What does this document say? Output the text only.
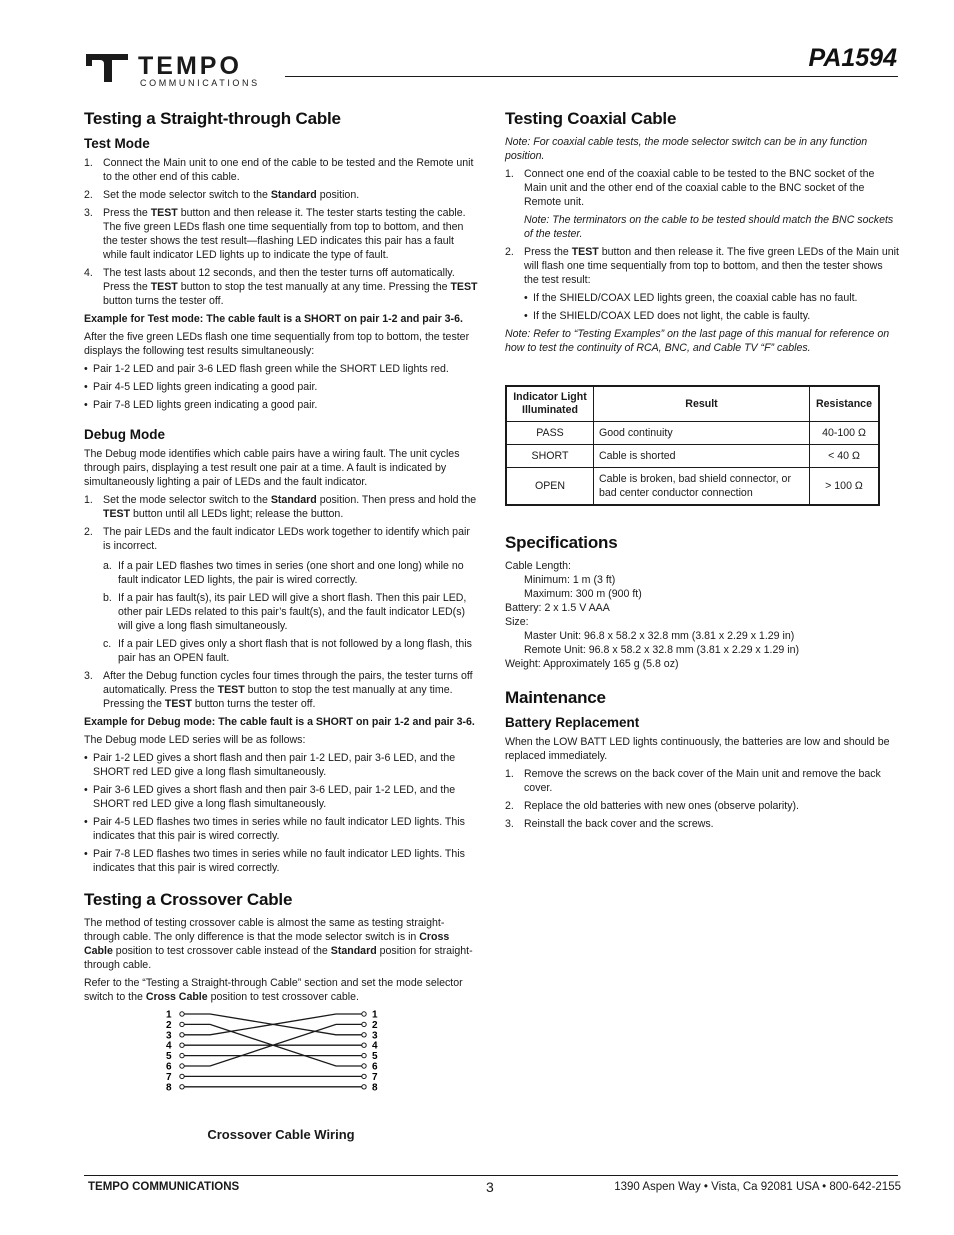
TEMPO
COMMUNICATIONS
PA1594
Testing a Straight-through Cable
Test Mode
1. Connect the Main unit to one end of the cable to be tested and the Remote unit to the other end of this cable.
2. Set the mode selector switch to the Standard position.
3. Press the TEST button and then release it. The tester starts testing the cable. The five green LEDs flash one time sequentially from top to bottom, and then the tester shows the test result—flashing LED indicates this pair has a fault while fault indicator LED lights up to indicate the type of fault.
4. The test lasts about 12 seconds, and then the tester turns off automatically. Press the TEST button to stop the test manually at any time. Pressing the TEST button turns the tester off.

Example for Test mode: The cable fault is a SHORT on pair 1-2 and pair 3-6.

After the five green LEDs flash one time sequentially from top to bottom, the tester displays the following test results simultaneously:

• Pair 1-2 LED and pair 3-6 LED flash green while the SHORT LED lights red.
• Pair 4-5 LED lights green indicating a good pair.
• Pair 7-8 LED lights green indicating a good pair.
Debug Mode

The Debug mode identifies which cable pairs have a wiring fault. The unit cycles through pairs, displaying a test result one pair at a time. A fault is indicated by simultaneously lighting a pair of LEDs and the fault indicator.

1. Set the mode selector switch to the Standard position. Then press and hold the TEST button until all LEDs light; release the button.
2. The pair LEDs and the fault indicator LEDs work together to identify which pair is incorrect.
a. If a pair LED flashes two times in series (one short and one long) while no fault indicator LED lights, the pair is wired correctly.
b. If a pair has fault(s), its pair LED will give a short flash. Then this pair LED, other pair LEDs related to this pair’s fault(s), and the fault indicator LED(s) will give a long flash simultaneously.
c. If a pair LED gives only a short flash that is not followed by a long flash, this pair has an OPEN fault.
3. After the Debug function cycles four times through the pairs, the tester turns off automatically. Press the TEST button to stop the test manually at any time. Pressing the TEST button turns the tester off.

Example for Debug mode: The cable fault is a SHORT on pair 1-2 and pair 3-6.

The Debug mode LED series will be as follows:

• Pair 1-2 LED gives a short flash and then pair 1-2 LED, pair 3-6 LED, and the SHORT red LED give a long flash simultaneously.
• Pair 3-6 LED gives a short flash and then pair 3-6 LED, pair 1-2 LED, and the SHORT red LED give a long flash simultaneously.
• Pair 4-5 LED flashes two times in series while no fault indicator LED lights. This indicates that this pair is wired correctly.
• Pair 7-8 LED flashes two times in series while no fault indicator LED lights. This indicates that this pair is wired correctly.
Testing a Crossover Cable

The method of testing crossover cable is almost the same as testing straight-through cable. The only difference is that the mode selector switch is in Cross Cable position to test crossover cable instead of the Standard position for straight-through cable.

Refer to the “Testing a Straight-through Cable” section and set the mode selector switch to the Cross Cable position to test crossover cable.

1	1
2	2
3	3
4	4
5	5
6	6
7	7
8	8
Crossover Cable Wiring
Testing Coaxial Cable

Note: For coaxial cable tests, the mode selector switch can be in any function position.

1. Connect one end of the coaxial cable to be tested to the BNC socket of the Main unit and the other end of the coaxial cable to the BNC socket of the Remote unit.

Note: The terminators on the cable to be tested should match the BNC sockets of the tester.

2. Press the TEST button and then release it. The five green LEDs of the Main unit will flash one time sequentially from top to bottom, and then the tester shows the test result:
• If the SHIELD/COAX LED lights green, the coaxial cable has no fault.
• If the SHIELD/COAX LED does not light, the cable is faulty.

Note: Refer to “Testing Examples” on the last page of this manual for reference on how to test the continuity of RCA, BNC, and Cable TV “F” cables.

Indicator Light Illuminated	Result	Resistance
PASS	Good continuity	40-100 Ω
SHORT	Cable is shorted	< 40 Ω
OPEN	Cable is broken, bad shield connector, or bad center conductor connection	> 100 Ω
Specifications
Cable Length:
Minimum: 1 m (3 ft)
Maximum: 300 m (900 ft)
Battery: 2 x 1.5 V AAA
Size:
Master Unit: 96.8 x 58.2 x 32.8 mm (3.81 x 2.29 x 1.29 in)
Remote Unit: 96.8 x 58.2 x 32.8 mm (3.81 x 2.29 x 1.29 in)
Weight: Approximately 165 g (5.8 oz)
Maintenance
Battery Replacement

When the LOW BATT LED lights continuously, the batteries are low and should be replaced immediately.

1. Remove the screws on the back cover of the Main unit and remove the back cover.
2. Replace the old batteries with new ones (observe polarity).
3. Reinstall the back cover and the screws.
TEMPO COMMUNICATIONS	3	1390 Aspen Way • Vista, Ca 92081 USA • 800-642-2155
